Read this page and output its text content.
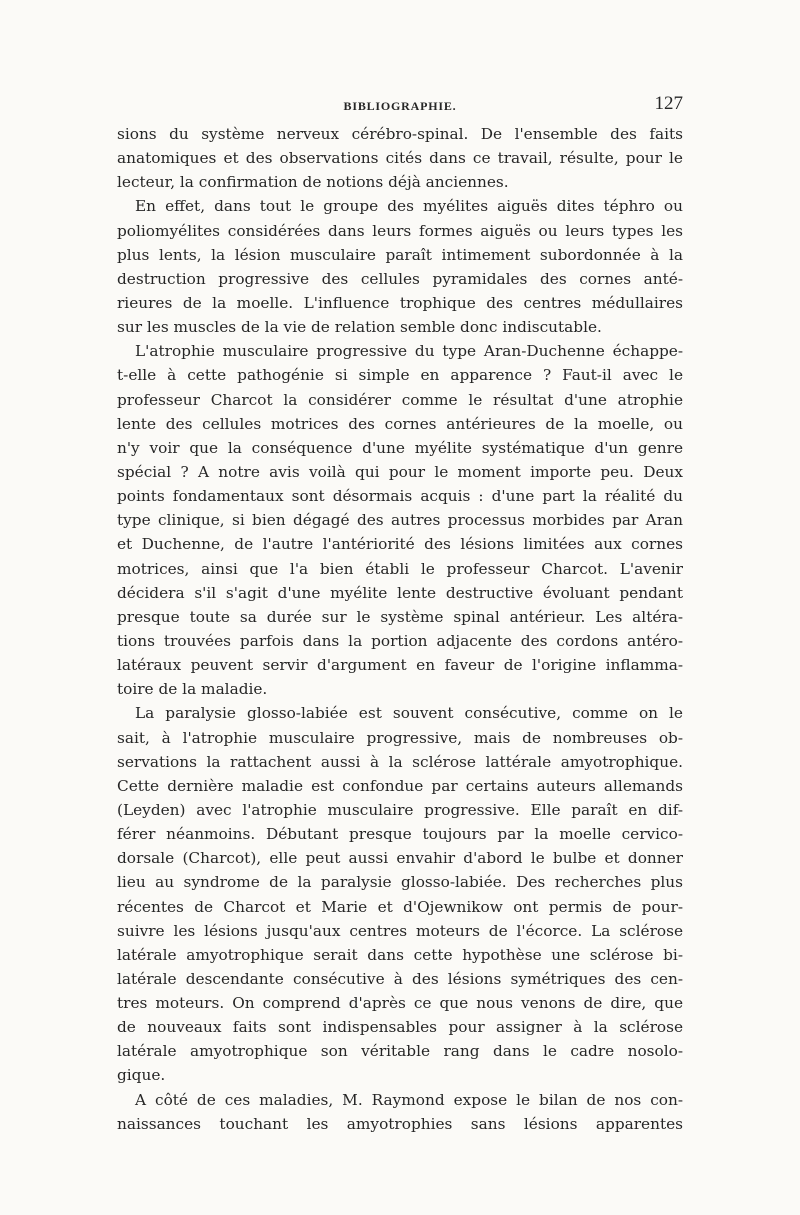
BIBLIOGRAPHIE.	127
sions du système nerveux cérébro-spinal. De l'ensemble des faits
anatomiques et des observations cités dans ce travail, résulte, pour le
lecteur, la confirmation de notions déjà anciennes.
En effet, dans tout le groupe des myélites aiguës dites téphro ou
poliomyélites considérées dans leurs formes aiguës ou leurs types les
plus lents, la lésion musculaire paraît intimement subordonnée à la
destruction progressive des cellules pyramidales des cornes anté-
rieures de la moelle. L'influence trophique des centres médullaires
sur les muscles de la vie de relation semble donc indiscutable.
L'atrophie musculaire progressive du type Aran-Duchenne échappe-
t-elle à cette pathogénie si simple en apparence ? Faut-il avec le
professeur Charcot la considérer comme le résultat d'une atrophie
lente des cellules motrices des cornes antérieures de la moelle, ou
n'y voir que la conséquence d'une myélite systématique d'un genre
spécial ? A notre avis voilà qui pour le moment importe peu. Deux
points fondamentaux sont désormais acquis : d'une part la réalité du
type clinique, si bien dégagé des autres processus morbides par Aran
et Duchenne, de l'autre l'antériorité des lésions limitées aux cornes
motrices, ainsi que l'a bien établi le professeur Charcot. L'avenir
décidera s'il s'agit d'une myélite lente destructive évoluant pendant
presque toute sa durée sur le système spinal antérieur. Les altéra-
tions trouvées parfois dans la portion adjacente des cordons antéro-
latéraux peuvent servir d'argument en faveur de l'origine inflamma-
toire de la maladie.
La paralysie glosso-labiée est souvent consécutive, comme on le
sait, à l'atrophie musculaire progressive, mais de nombreuses ob-
servations la rattachent aussi à la sclérose lattérale amyotrophique.
Cette dernière maladie est confondue par certains auteurs allemands
(Leyden) avec l'atrophie musculaire progressive. Elle paraît en dif-
férer néanmoins. Débutant presque toujours par la moelle cervico-
dorsale (Charcot), elle peut aussi envahir d'abord le bulbe et donner
lieu au syndrome de la paralysie glosso-labiée. Des recherches plus
récentes de Charcot et Marie et d'Ojewnikow ont permis de pour-
suivre les lésions jusqu'aux centres moteurs de l'écorce. La sclérose
latérale amyotrophique serait dans cette hypothèse une sclérose bi-
latérale descendante consécutive à des lésions symétriques des cen-
tres moteurs. On comprend d'après ce que nous venons de dire, que
de nouveaux faits sont indispensables pour assigner à la sclérose
latérale amyotrophique son véritable rang dans le cadre nosolo-
gique.
A côté de ces maladies, M. Raymond expose le bilan de nos con-
naissances touchant les amyotrophies sans lésions apparentes
